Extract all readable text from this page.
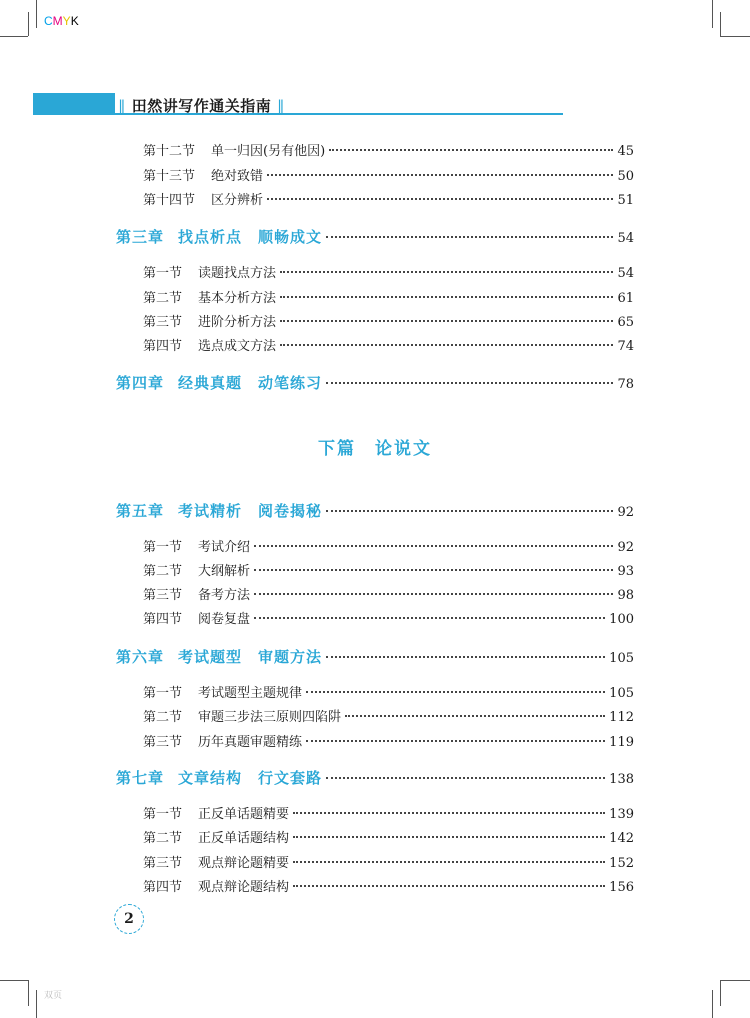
CMYK
‖ 田然讲写作通关指南 ‖
第十二节 单一归因(另有他因)	45
第十三节 绝对致错	50
第十四节 区分辨析	51
第三章 找点析点　顺畅成文	54
第一节 读题找点方法	54
第二节 基本分析方法	61
第三节 进阶分析方法	65
第四节 选点成文方法	74
第四章 经典真题　动笔练习	78
下篇　论说文
第五章 考试精析　阅卷揭秘	92
第一节 考试介绍	92
第二节 大纲解析	93
第三节 备考方法	98
第四节 阅卷复盘	100
第六章 考试题型　审题方法	105
第一节 考试题型主题规律	105
第二节 审题三步法三原则四陷阱	112
第三节 历年真题审题精练	119
第七章 文章结构　行文套路	138
第一节 正反单话题精要	139
第二节 正反单话题结构	142
第三节 观点辩论题精要	152
第四节 观点辩论题结构	156
2
双页
